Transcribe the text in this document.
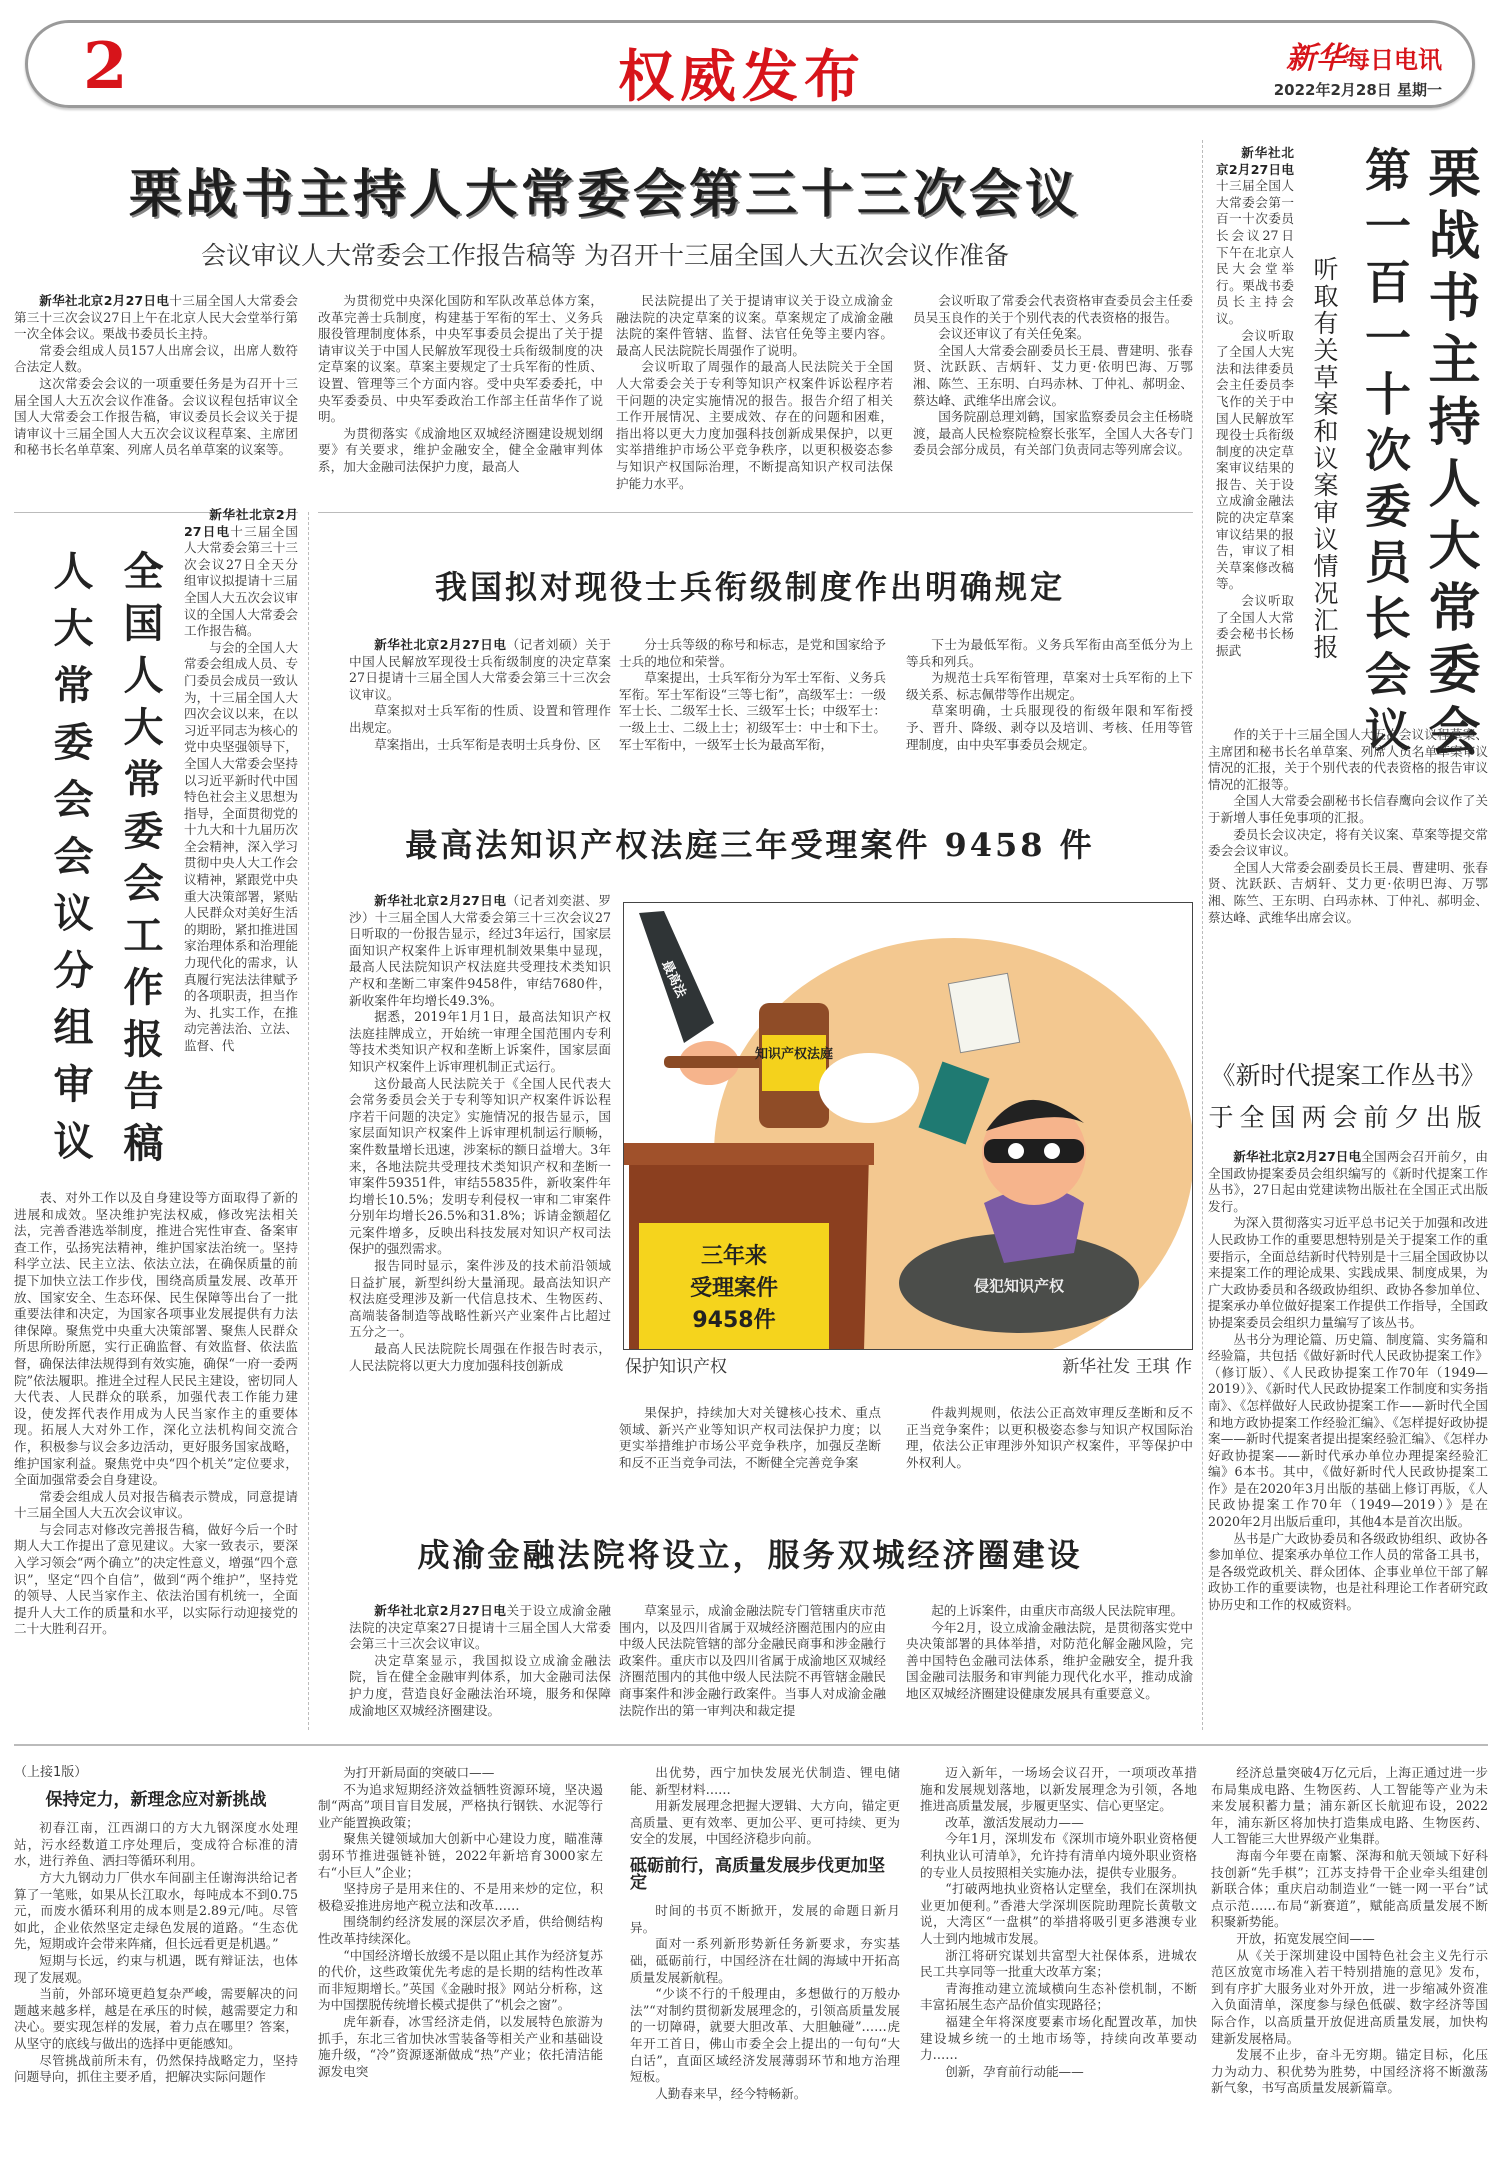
2	权威发布	新华每日电讯
2022年2月28日 星期一
栗战书主持人大常委会第三十三次会议
会议审议人大常委会工作报告稿等 为召开十三届全国人大五次会议作准备

新华社北京2月27日电十三届全国人大常委会第三十三次会议27日上午在北京人民大会堂举行第一次全体会议。栗战书委员长主持。

常委会组成人员157人出席会议，出席人数符合法定人数。

这次常委会会议的一项重要任务是为召开十三届全国人大五次会议作准备。会议议程包括审议全国人大常委会工作报告稿，审议委员长会议关于提请审议十三届全国人大五次会议议程草案、主席团和秘书长名单草案、列席人员名单草案的议案等。

为贯彻党中央深化国防和军队改革总体方案，改革完善士兵制度，构建基于军衔的军士、义务兵服役管理制度体系，中央军事委员会提出了关于提请审议关于中国人民解放军现役士兵衔级制度的决定草案的议案。草案主要规定了士兵军衔的性质、设置、管理等三个方面内容。受中央军委委托，中央军委委员、中央军委政治工作部主任苗华作了说明。

为贯彻落实《成渝地区双城经济圈建设规划纲要》有关要求，维护金融安全，健全金融审判体系，加大金融司法保护力度，最高人

民法院提出了关于提请审议关于设立成渝金融法院的决定草案的议案。草案规定了成渝金融法院的案件管辖、监督、法官任免等主要内容。最高人民法院院长周强作了说明。

会议听取了周强作的最高人民法院关于全国人大常委会关于专利等知识产权案件诉讼程序若干问题的决定实施情况的报告。报告介绍了相关工作开展情况、主要成效、存在的问题和困难，指出将以更大力度加强科技创新成果保护，以更实举措维护市场公平竞争秩序，以更积极姿态参与知识产权国际治理，不断提高知识产权司法保护能力水平。

会议听取了常委会代表资格审查委员会主任委员吴玉良作的关于个别代表的代表资格的报告。

会议还审议了有关任免案。

全国人大常委会副委员长王晨、曹建明、张春贤、沈跃跃、吉炳轩、艾力更·依明巴海、万鄂湘、陈竺、王东明、白玛赤林、丁仲礼、郝明金、蔡达峰、武维华出席会议。

国务院副总理刘鹤，国家监察委员会主任杨晓渡，最高人民检察院检察长张军，全国人大各专门委员会部分成员，有关部门负责同志等列席会议。	栗战书主持人大常委会
第一百一十次委员长会议
听取有关草案和议案审议情况汇报

新华社北京2月27日电十三届全国人大常委会第一百一十次委员长会议27日下午在北京人民大会堂举行。栗战书委员长主持会议。

会议听取了全国人大宪法和法律委员会主任委员李飞作的关于中国人民解放军现役士兵衔级制度的决定草案审议结果的报告、关于设立成渝金融法院的决定草案审议结果的报告，审议了相关草案修改稿等。

会议听取了全国人大常委会秘书长杨振武

作的关于十三届全国人大五次会议议程草案、主席团和秘书长名单草案、列席人员名单草案审议情况的汇报，关于个别代表的代表资格的报告审议情况的汇报等。

全国人大常委会副秘书长信春鹰向会议作了关于新增人事任免事项的汇报。

委员长会议决定，将有关议案、草案等提交常委会会议审议。

全国人大常委会副委员长王晨、曹建明、张春贤、沈跃跃、吉炳轩、艾力更·依明巴海、万鄂湘、陈竺、王东明、白玛赤林、丁仲礼、郝明金、蔡达峰、武维华出席会议。

全国人大常委会工作报告稿
人大常委会会议分组审议

新华社北京2月27日电十三届全国人大常委会第三十三次会议27日全天分组审议拟提请十三届全国人大五次会议审议的全国人大常委会工作报告稿。

与会的全国人大常委会组成人员、专门委员会成员一致认为，十三届全国人大四次会议以来，在以习近平同志为核心的党中央坚强领导下，全国人大常委会坚持以习近平新时代中国特色社会主义思想为指导，全面贯彻党的十九大和十九届历次全会精神，深入学习贯彻中央人大工作会议精神，紧跟党中央重大决策部署，紧贴人民群众对美好生活的期盼，紧扣推进国家治理体系和治理能力现代化的需求，认真履行宪法法律赋予的各项职责，担当作为、扎实工作，在推动完善法治、立法、监督、代

表、对外工作以及自身建设等方面取得了新的进展和成效。坚决维护宪法权威，修改宪法相关法，完善香港选举制度，推进合宪性审查、备案审查工作，弘扬宪法精神，维护国家法治统一。坚持科学立法、民主立法、依法立法，在确保质量的前提下加快立法工作步伐，围绕高质量发展、改革开放、国家安全、生态环保、民生保障等出台了一批重要法律和决定，为国家各项事业发展提供有力法律保障。聚焦党中央重大决策部署、聚焦人民群众所思所盼所愿，实行正确监督、有效监督、依法监督，确保法律法规得到有效实施，确保“一府一委两院”依法履职。推进全过程人民民主建设，密切同人大代表、人民群众的联系，加强代表工作能力建设，使发挥代表作用成为人民当家作主的重要体现。拓展人大对外工作，深化立法机构间交流合作，积极参与议会多边活动，更好服务国家战略，维护国家利益。聚焦党中央“四个机关”定位要求，全面加强常委会自身建设。

常委会组成人员对报告稿表示赞成，同意提请十三届全国人大五次会议审议。

与会同志对修改完善报告稿，做好今后一个时期人大工作提出了意见建议。大家一致表示，要深入学习领会“两个确立”的决定性意义，增强“四个意识”，坚定“四个自信”，做到“两个维护”，坚持党的领导、人民当家作主、依法治国有机统一，全面提升人大工作的质量和水平，以实际行动迎接党的二十大胜利召开。

我国拟对现役士兵衔级制度作出明确规定

新华社北京2月27日电（记者刘硕）关于中国人民解放军现役士兵衔级制度的决定草案27日提请十三届全国人大常委会第三十三次会议审议。

草案拟对士兵军衔的性质、设置和管理作出规定。

草案指出，士兵军衔是表明士兵身份、区

分士兵等级的称号和标志，是党和国家给予士兵的地位和荣誉。

草案提出，士兵军衔分为军士军衔、义务兵军衔。军士军衔设“三等七衔”，高级军士：一级军士长、二级军士长、三级军士长；中级军士：一级上士、二级上士；初级军士：中士和下士。军士军衔中，一级军士长为最高军衔，

下士为最低军衔。义务兵军衔由高至低分为上等兵和列兵。

为规范士兵军衔管理，草案对士兵军衔的上下级关系、标志佩带等作出规定。

草案明确，士兵服现役的衔级年限和军衔授予、晋升、降级、剥夺以及培训、考核、任用等管理制度，由中央军事委员会规定。

最高法知识产权法庭三年受理案件 9458 件

新华社北京2月27日电（记者刘奕湛、罗沙）十三届全国人大常委会第三十三次会议27日听取的一份报告显示，经过3年运行，国家层面知识产权案件上诉审理机制效果集中显现，最高人民法院知识产权法庭共受理技术类知识产权和垄断二审案件9458件，审结7680件，新收案件年均增长49.3%。

据悉，2019年1月1日，最高法知识产权法庭挂牌成立，开始统一审理全国范围内专利等技术类知识产权和垄断上诉案件，国家层面知识产权案件上诉审理机制正式运行。

这份最高人民法院关于《全国人民代表大会常务委员会关于专利等知识产权案件诉讼程序若干问题的决定》实施情况的报告显示，国家层面知识产权案件上诉审理机制运行顺畅，案件数量增长迅速，涉案标的额日益增大。3年来，各地法院共受理技术类知识产权和垄断一审案件59351件，审结55835件，新收案件年均增长10.5%；发明专利侵权一审和二审案件分别年均增长26.5%和31.8%；诉请金额超亿元案件增多，反映出科技发展对知识产权司法保护的强烈需求。

报告同时显示，案件涉及的技术前沿领域日益扩展，新型纠纷大量涌现。最高法知识产权法庭受理涉及新一代信息技术、生物医药、高端装备制造等战略性新兴产业案件占比超过五分之一。

最高人民法院院长周强在作报告时表示，人民法院将以更大力度加强科技创新成

最高法
知识产权法庭
三年来
受理案件
9458件
侵犯知识产权
保护知识产权	新华社发 王琪 作

果保护，持续加大对关键核心技术、重点领域、新兴产业等知识产权司法保护力度；以更实举措维护市场公平竞争秩序，加强反垄断和反不正当竞争司法，不断健全完善竞争案

件裁判规则，依法公正高效审理反垄断和反不正当竞争案件；以更积极姿态参与知识产权国际治理，依法公正审理涉外知识产权案件，平等保护中外权利人。

成渝金融法院将设立，服务双城经济圈建设

新华社北京2月27日电关于设立成渝金融法院的决定草案27日提请十三届全国人大常委会第三十三次会议审议。

决定草案显示，我国拟设立成渝金融法院，旨在健全金融审判体系，加大金融司法保护力度，营造良好金融法治环境，服务和保障成渝地区双城经济圈建设。

草案显示，成渝金融法院专门管辖重庆市范围内，以及四川省属于双城经济圈范围内的应由中级人民法院管辖的部分金融民商事和涉金融行政案件。重庆市以及四川省属于成渝地区双城经济圈范围内的其他中级人民法院不再管辖金融民商事案件和涉金融行政案件。当事人对成渝金融法院作出的第一审判决和裁定提

起的上诉案件，由重庆市高级人民法院审理。

今年2月，设立成渝金融法院，是贯彻落实党中央决策部署的具体举措，对防范化解金融风险，完善中国特色金融司法体系，维护金融安全，提升我国金融司法服务和审判能力现代化水平，推动成渝地区双城经济圈建设健康发展具有重要意义。

《新时代提案工作丛书》
于全国两会前夕出版

新华社北京2月27日电全国两会召开前夕，由全国政协提案委员会组织编写的《新时代提案工作丛书》，27日起由党建读物出版社在全国正式出版发行。

为深入贯彻落实习近平总书记关于加强和改进人民政协工作的重要思想特别是关于提案工作的重要指示，全面总结新时代特别是十三届全国政协以来提案工作的理论成果、实践成果、制度成果，为广大政协委员和各级政协组织、政协各参加单位、提案承办单位做好提案工作提供工作指导，全国政协提案委员会组织力量编写了该丛书。

丛书分为理论篇、历史篇、制度篇、实务篇和经验篇，共包括《做好新时代人民政协提案工作》（修订版）、《人民政协提案工作70年（1949—2019）》、《新时代人民政协提案工作制度和实务指南》、《怎样做好人民政协提案工作——新时代全国和地方政协提案工作经验汇编》、《怎样提好政协提案——新时代提案者提出提案经验汇编》、《怎样办好政协提案——新时代承办单位办理提案经验汇编》6本书。其中，《做好新时代人民政协提案工作》是在2020年3月出版的基础上修订再版，《人民政协提案工作70年（1949—2019）》是在2020年2月出版后重印，其他4本是首次出版。

丛书是广大政协委员和各级政协组织、政协各参加单位、提案承办单位工作人员的常备工具书，是各级党政机关、群众团体、企事业单位干部了解政协工作的重要读物，也是社科理论工作者研究政协历史和工作的权威资料。

（上接1版）
保持定力，新理念应对新挑战

初春江南，江西湖口的方大九钢深度水处理站，污水经数道工序处理后，变成符合标准的清水，进行养鱼、洒扫等循环利用。

方大九钢动力厂供水车间副主任谢海洪给记者算了一笔账，如果从长江取水，每吨成本不到0.75元，而废水循环利用的成本则是2.89元/吨。尽管如此，企业依然坚定走绿色发展的道路。“生态优先，短期或许会带来阵痛，但长远看更是机遇。”

短期与长远，约束与机遇，既有辩证法，也体现了发展观。

当前，外部环境更趋复杂严峻，需要解决的问题越来越多样，越是在承压的时候，越需要定力和决心。要实现怎样的发展，着力点在哪里？答案，从坚守的底线与做出的选择中更能感知。

尽管挑战前所未有，仍然保持战略定力，坚持问题导向，抓住主要矛盾，把解决实际问题作

为打开新局面的突破口——

不为追求短期经济效益牺牲资源环境，坚决遏制“两高”项目盲目发展，严格执行钢铁、水泥等行业产能置换政策；

聚焦关键领域加大创新中心建设力度，瞄准薄弱环节推进强链补链，2022年新培育3000家左右“小巨人”企业；

坚持房子是用来住的、不是用来炒的定位，积极稳妥推进房地产税立法和改革……

围绕制约经济发展的深层次矛盾，供给侧结构性改革持续深化。

“中国经济增长放缓不是以阻止其作为经济复苏的代价，这些政策优先考虑的是长期的结构性改革而非短期增长。”英国《金融时报》网站分析称，这为中国摆脱传统增长模式提供了“机会之窗”。

虎年新春，冰雪经济走俏，以发展特色旅游为抓手，东北三省加快冰雪装备等相关产业和基础设施升级，“冷”资源逐渐做成“热”产业；依托清洁能源发电突

出优势，西宁加快发展光伏制造、锂电储能、新型材料……

用新发展理念把握大逻辑、大方向，锚定更高质量、更有效率、更加公平、更可持续、更为安全的发展，中国经济稳步向前。

砥砺前行，高质量发展步伐更加坚定

时间的书页不断掀开，发展的命题日新月异。

面对一系列新形势新任务新要求，夯实基础，砥砺前行，中国经济在壮阔的海域中开拓高质量发展新航程。

“少谈不行的千般理由，多想做行的万般办法”“对制约贯彻新发展理念的，引领高质量发展的一切障碍，就要大胆改革、大胆触碰”……虎年开工首日，佛山市委全会上提出的一句句“大白话”，直面区域经济发展薄弱环节和地方治理短板。

人勤春来早，经今特畅新。

迈入新年，一场场会议召开，一项项改革措施和发展规划落地，以新发展理念为引领，各地推进高质量发展，步履更坚实、信心更坚定。

改革，激活发展动力——

今年1月，深圳发布《深圳市境外职业资格便利执业认可清单》，允许持有清单内境外职业资格的专业人员按照相关实施办法，提供专业服务。

“打破两地执业资格认定壁垒，我们在深圳执业更加便利。”香港大学深圳医院助理院长黄敬文说，大湾区“一盘棋”的举措将吸引更多港澳专业人士到内地城市发展。

浙江将研究谋划共富型大社保体系，进城农民工共享同等一批重大改革方案；

青海推动建立流域横向生态补偿机制，不断丰富拓展生态产品价值实现路径；

福建全年将深度要素市场化配置改革，加快建设城乡统一的土地市场等，持续向改革要动力……

创新，孕育前行动能——

经济总量突破4万亿元后，上海正通过进一步布局集成电路、生物医药、人工智能等产业为未来发展积蓄力量；浦东新区长航迎布设，2022年，浦东新区将加快打造集成电路、生物医药、人工智能三大世界级产业集群。

海南今年要在南繁、深海和航天领域下好科技创新“先手棋”；江苏支持骨干企业牵头组建创新联合体；重庆启动制造业“一链一网一平台”试点示范……布局“新赛道”，赋能高质量发展不断积聚新势能。

开放，拓宽发展空间——

从《关于深圳建设中国特色社会主义先行示范区放宽市场准入若干特别措施的意见》发布，到有序扩大服务业对外开放，进一步缩减外资准入负面清单，深度参与绿色低碳、数字经济等国际合作，以高质量开放促进高质量发展，加快构建新发展格局。

发展不止步，奋斗无穷期。锚定目标，化压力为动力、积优势为胜势，中国经济将不断激荡新气象，书写高质量发展新篇章。
